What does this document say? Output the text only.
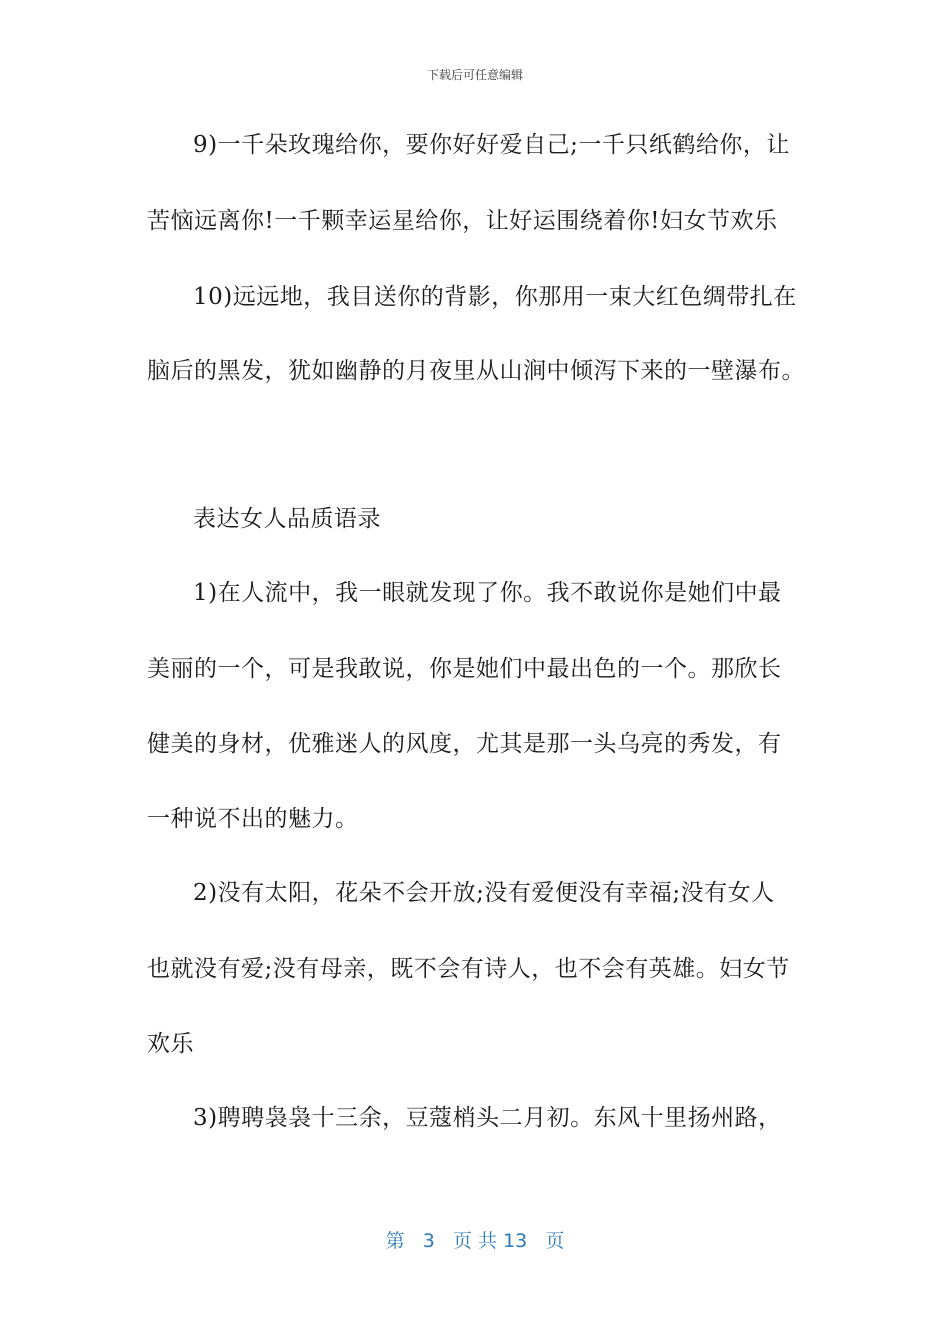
下载后可任意编辑
9)一千朵玫瑰给你，要你好好爱自己;一千只纸鹤给你，让
苦恼远离你!一千颗幸运星给你，让好运围绕着你!妇女节欢乐
10)远远地，我目送你的背影，你那用一束大红色绸带扎在
脑后的黑发，犹如幽静的月夜里从山涧中倾泻下来的一壁瀑布。
表达女人品质语录
1)在人流中，我一眼就发现了你。我不敢说你是她们中最
美丽的一个，可是我敢说，你是她们中最出色的一个。那欣长
健美的身材，优雅迷人的风度，尤其是那一头乌亮的秀发，有
一种说不出的魅力。
2)没有太阳，花朵不会开放;没有爱便没有幸福;没有女人
也就没有爱;没有母亲，既不会有诗人，也不会有英雄。妇女节
欢乐
3)聘聘袅袅十三余，豆蔻梢头二月初。东风十里扬州路，
第 3 页 共 13 页
